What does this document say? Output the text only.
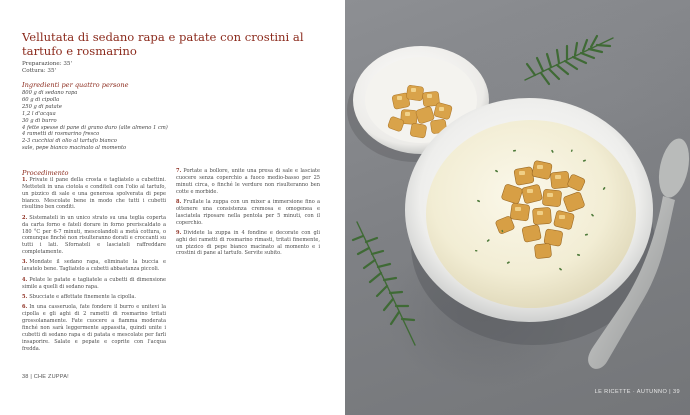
Vellutata di sedano rapa e patate con crostini al tartufo e rosmarino
Preparazione: 35'
Cottura: 35'
Ingredienti per quattro persone
800 g di sedano rapa
60 g di cipolla
250 g di patate
1,2 l d'acqua
30 g di burro
4 fette spesse di pane di grano duro (alte almeno 1 cm)
4 rametti di rosmarino fresco
2-3 cucchiai di olio al tartufo bianco
sale, pepe bianco macinato al momento
Procedimento

1. Private il pane della crosta e tagliatelo a cubettini. Metteteli in una ciotola e conditeli con l'olio al tartufo, un pizzico di sale e una generosa spolverata di pepe bianco. Mescolate bene in modo che tutti i cubetti risultino ben conditi.

2. Sistemateli in un unico strato su una teglia coperta da carta forno e fateli dorare in forno preriscaldato a 180 °C per 6-7 minuti, mescolandoli a metà cottura, o comunque finché non risulteranno dorati e croccanti su tutti i lati. Sfornateli e lasciateli raffreddare completamente.

3. Mondate il sedano rapa, eliminate la buccia e lavatelo bene. Tagliatelo a cubetti abbastanza piccoli.

4. Pelate le patate e tagliatele a cubetti di dimensione simile a quelli di sedano rapa.

5. Sbucciate e affettate finemente la cipolla.

6. In una casseruola, fate fondere il burro e unitevi la cipolla e gli aghi di 2 rametti di rosmarino tritati grossolanamente. Fate cuocere a fiamma moderata finché non sarà leggermente appassita, quindi unite i cubetti di sedano rapa e di patata e mescolate per farli insaporire. Salate e pepate e coprite con l'acqua fredda.

7. Portate a bollore, unite una presa di sale e lasciate cuocere senza coperchio a fuoco medio-basso per 25 minuti circa, o finché le verdure non risulteranno ben cotte e morbide.

8. Frullate la zuppa con un mixer a immersione fino a ottenere una consistenza cremosa e omogenea e lasciatela riposare nella pentola per 5 minuti, con il coperchio.

9. Dividete la zuppa in 4 fondine e decorate con gli aghi dei rametti di rosmarino rimasti, tritati finemente, un pizzico di pepe bianco macinato al momento e i crostini di pane al tartufo. Servite subito.

38 | CHE ZUPPA!
LE RICETTE · AUTUNNO | 39
